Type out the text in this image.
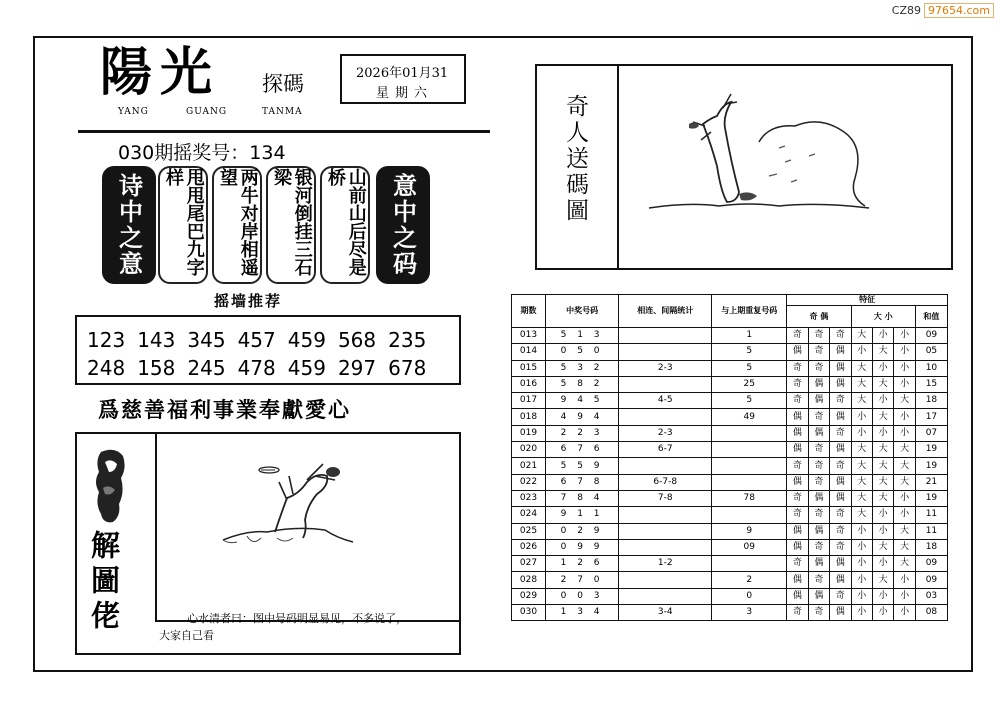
CZ89 97654.com
陽光 探碼
YANG	GUANG	TANMA
2026年01月31
星期六
030期摇奖号：134
诗中之意	甩甩尾巴九字样	两牛对岸相遥望	银河倒挂三石梁	山前山后尽是桥	意中之码
摇墙推荐
123 143 345 457 459 568 235
248 158 245 478 459 297 678
爲慈善福利事業奉獻愛心
解圖佬	心水清者曰：图中号码明显易见，不多说了，
大家自己看
奇人送碼圖
期数	中奖号码	相连、间隔统计	与上期重复号码	特征						
				奇 偶			大 小			和值
013	5 1 3		1	奇	奇	奇	大	小	小	09
014	0 5 0		5	偶	奇	偶	小	大	小	05
015	5 3 2	2-3	5	奇	奇	偶	大	小	小	10
016	5 8 2		25	奇	偶	偶	大	大	小	15
017	9 4 5	4-5	5	奇	偶	奇	大	小	大	18
018	4 9 4		49	偶	奇	偶	小	大	小	17
019	2 2 3	2-3		偶	偶	奇	小	小	小	07
020	6 7 6	6-7		偶	奇	偶	大	大	大	19
021	5 5 9			奇	奇	奇	大	大	大	19
022	6 7 8	6-7-8		偶	奇	偶	大	大	大	21
023	7 8 4	7-8	78	奇	偶	偶	大	大	小	19
024	9 1 1			奇	奇	奇	大	小	小	11
025	0 2 9		9	偶	偶	奇	小	小	大	11
026	0 9 9		09	偶	奇	奇	小	大	大	18
027	1 2 6	1-2		奇	偶	偶	小	小	大	09
028	2 7 0		2	偶	奇	偶	小	大	小	09
029	0 0 3		0	偶	偶	奇	小	小	小	03
030	1 3 4	3-4	3	奇	奇	偶	小	小	小	08
